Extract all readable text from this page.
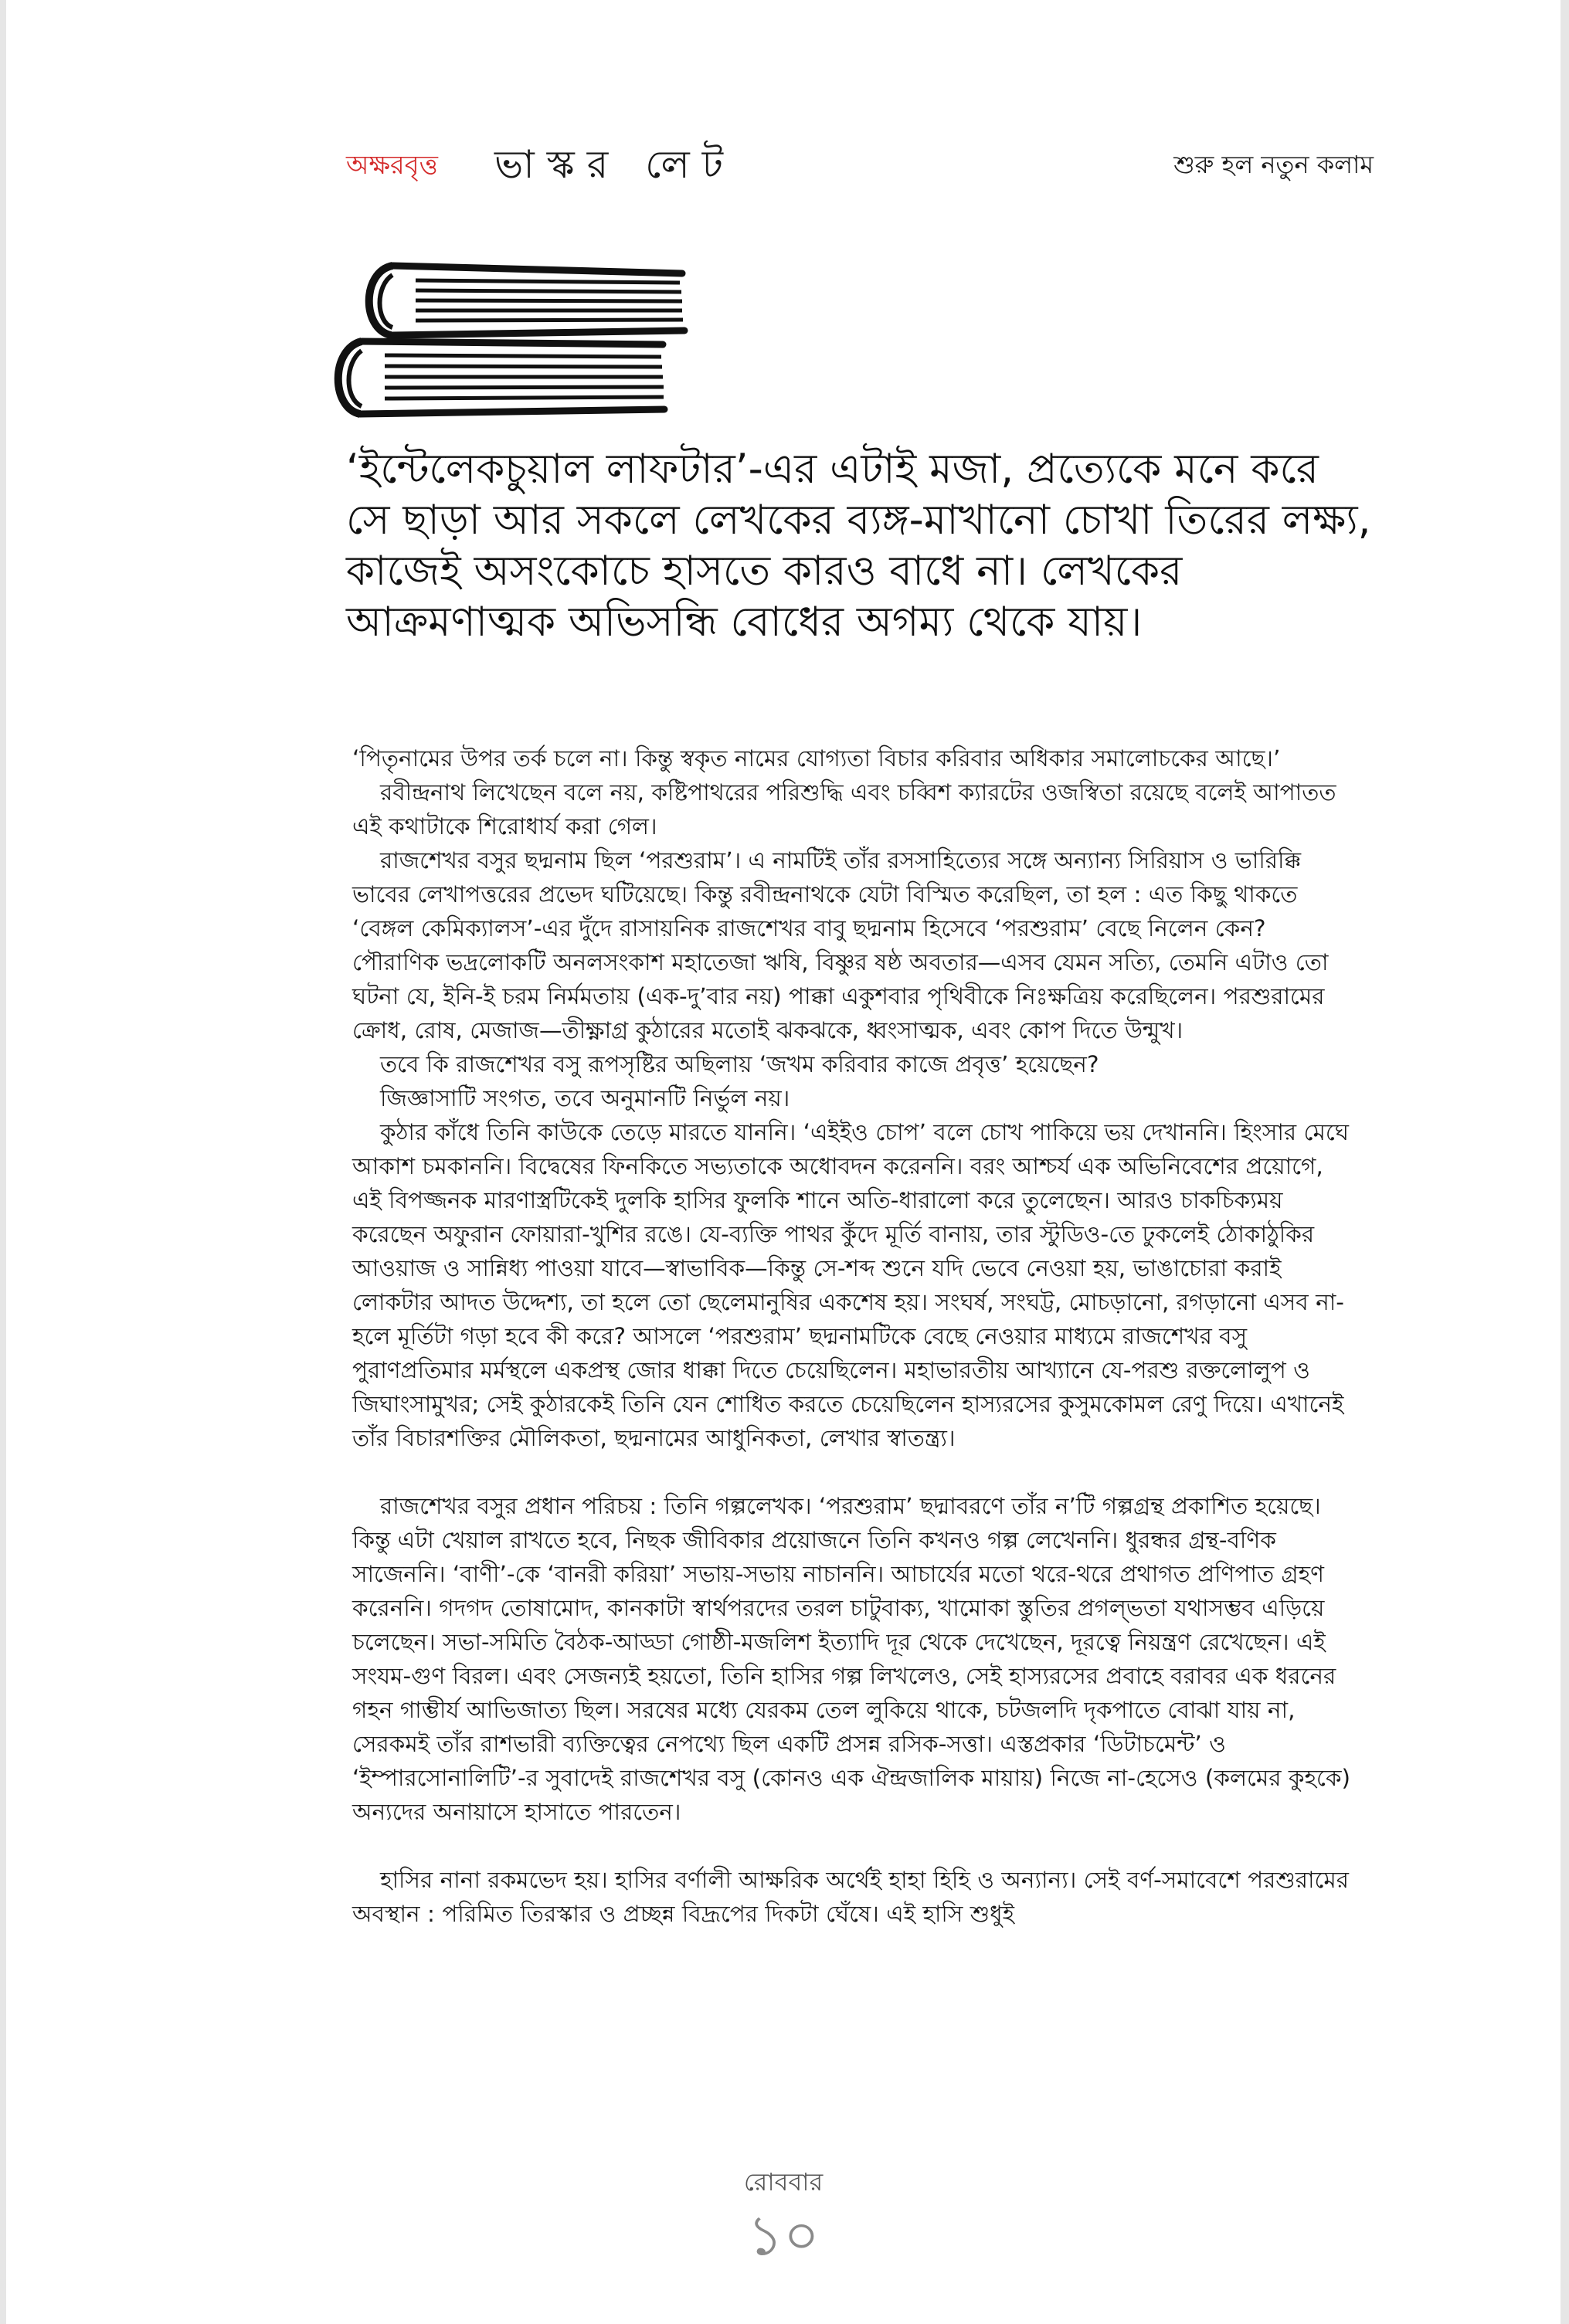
অক্ষরবৃত্ত ভাস্কর লেট	শুরু হল নতুন কলাম
‘ইন্টেলেকচুয়াল লাফটার’-এর এটাই মজা, প্রত্যেকে মনে করে সে ছাড়া আর সকলে লেখকের ব্যঙ্গ-মাখানো চোখা তিরের লক্ষ্য, কাজেই অসংকোচে হাসতে কারও বাধে না। লেখকের আক্রমণাত্মক অভিসন্ধি বোধের অগম্য থেকে যায়।

‘পিতৃনামের উপর তর্ক চলে না। কিন্তু স্বকৃত নামের যোগ্যতা বিচার করিবার অধিকার সমালোচকের আছে।’

রবীন্দ্রনাথ লিখেছেন বলে নয়, কষ্টিপাথরের পরিশুদ্ধি এবং চব্বিশ ক্যারটের ওজস্বিতা রয়েছে বলেই আপাতত এই কথাটাকে শিরোধার্য করা গেল।

রাজশেখর বসুর ছদ্মনাম ছিল ‘পরশুরাম’। এ নামটিই তাঁর রসসাহিত্যের সঙ্গে অন্যান্য সিরিয়াস ও ভারিক্কি ভাবের লেখাপত্তরের প্রভেদ ঘটিয়েছে। কিন্তু রবীন্দ্রনাথকে যেটা বিস্মিত করেছিল, তা হল : এত কিছু থাকতে ‘বেঙ্গল কেমিক্যালস’-এর দুঁদে রাসায়নিক রাজশেখর বাবু ছদ্মনাম হিসেবে ‘পরশুরাম’ বেছে নিলেন কেন? পৌরাণিক ভদ্রলোকটি অনলসংকাশ মহাতেজা ঋষি, বিষ্ণুর ষষ্ঠ অবতার—এসব যেমন সত্যি, তেমনি এটাও তো ঘটনা যে, ইনি-ই চরম নির্মমতায় (এক-দু’বার নয়) পাক্কা একুশবার পৃথিবীকে নিঃক্ষত্রিয় করেছিলেন। পরশুরামের ক্রোধ, রোষ, মেজাজ—তীক্ষ্ণাগ্র কুঠারের মতোই ঝকঝকে, ধ্বংসাত্মক, এবং কোপ দিতে উন্মুখ।

তবে কি রাজশেখর বসু রূপসৃষ্টির অছিলায় ‘জখম করিবার কাজে প্রবৃত্ত’ হয়েছেন?

জিজ্ঞাসাটি সংগত, তবে অনুমানটি নির্ভুল নয়।

কুঠার কাঁধে তিনি কাউকে তেড়ে মারতে যাননি। ‘এইইও চোপ’ বলে চোখ পাকিয়ে ভয় দেখাননি। হিংসার মেঘে আকাশ চমকাননি। বিদ্বেষের ফিনকিতে সভ্যতাকে অধোবদন করেননি। বরং আশ্চর্য এক অভিনিবেশের প্রয়োগে, এই বিপজ্জনক মারণাস্ত্রটিকেই দুলকি হাসির ফুলকি শানে অতি-ধারালো করে তুলেছেন। আরও চাকচিক্যময় করেছেন অফুরান ফোয়ারা-খুশির রঙে। যে-ব্যক্তি পাথর কুঁদে মূর্তি বানায়, তার স্টুডিও-তে ঢুকলেই ঠোকাঠুকির আওয়াজ ও সান্নিধ্য পাওয়া যাবে—স্বাভাবিক—কিন্তু সে-শব্দ শুনে যদি ভেবে নেওয়া হয়, ভাঙাচোরা করাই লোকটার আদত উদ্দেশ্য, তা হলে তো ছেলেমানুষির একশেষ হয়। সংঘর্ষ, সংঘট্ট, মোচড়ানো, রগড়ানো এসব না-হলে মূর্তিটা গড়া হবে কী করে? আসলে ‘পরশুরাম’ ছদ্মনামটিকে বেছে নেওয়ার মাধ্যমে রাজশেখর বসু পুরাণপ্রতিমার মর্মস্থলে একপ্রস্থ জোর ধাক্কা দিতে চেয়েছিলেন। মহাভারতীয় আখ্যানে যে-পরশু রক্তলোলুপ ও জিঘাংসামুখর; সেই কুঠারকেই তিনি যেন শোধিত করতে চেয়েছিলেন হাস্যরসের কুসুমকোমল রেণু দিয়ে। এখানেই তাঁর বিচারশক্তির মৌলিকতা, ছদ্মনামের আধুনিকতা, লেখার স্বাতন্ত্র্য।

রাজশেখর বসুর প্রধান পরিচয় : তিনি গল্পলেখক। ‘পরশুরাম’ ছদ্মাবরণে তাঁর ন’টি গল্পগ্রন্থ প্রকাশিত হয়েছে। কিন্তু এটা খেয়াল রাখতে হবে, নিছক জীবিকার প্রয়োজনে তিনি কখনও গল্প লেখেননি। ধুরন্ধর গ্রন্থ-বণিক সাজেননি। ‘বাণী’-কে ‘বানরী করিয়া’ সভায়-সভায় নাচাননি। আচার্যের মতো থরে-থরে প্রথাগত প্রণিপাত গ্রহণ করেননি। গদগদ তোষামোদ, কানকাটা স্বার্থপরদের তরল চাটুবাক্য, খামোকা স্তুতির প্রগল্‌ভতা যথাসম্ভব এড়িয়ে চলেছেন। সভা-সমিতি বৈঠক-আড্ডা গোষ্ঠী-মজলিশ ইত্যাদি দূর থেকে দেখেছেন, দূরত্বে নিয়ন্ত্রণ রেখেছেন। এই সংযম-গুণ বিরল। এবং সেজন্যই হয়তো, তিনি হাসির গল্প লিখলেও, সেই হাস্যরসের প্রবাহে বরাবর এক ধরনের গহন গাম্ভীর্য আভিজাত্য ছিল। সরষের মধ্যে যেরকম তেল লুকিয়ে থাকে, চটজলদি দৃকপাতে বোঝা যায় না, সেরকমই তাঁর রাশভারী ব্যক্তিত্বের নেপথ্যে ছিল একটি প্রসন্ন রসিক-সত্তা। এস্তপ্রকার ‘ডিটাচমেন্ট’ ও ‘ইম্পারসোনালিটি’-র সুবাদেই রাজশেখর বসু (কোনও এক ঐন্দ্রজালিক মায়ায়) নিজে না-হেসেও (কলমের কুহকে) অন্যদের অনায়াসে হাসাতে পারতেন।

হাসির নানা রকমভেদ হয়। হাসির বর্ণালী আক্ষরিক অর্থেই হাহা হিহি ও অন্যান্য। সেই বর্ণ-সমাবেশে পরশুরামের অবস্থান : পরিমিত তিরস্কার ও প্রচ্ছন্ন বিদ্রূপের দিকটা ঘেঁষে। এই হাসি শুধুই

রোববার
১০
